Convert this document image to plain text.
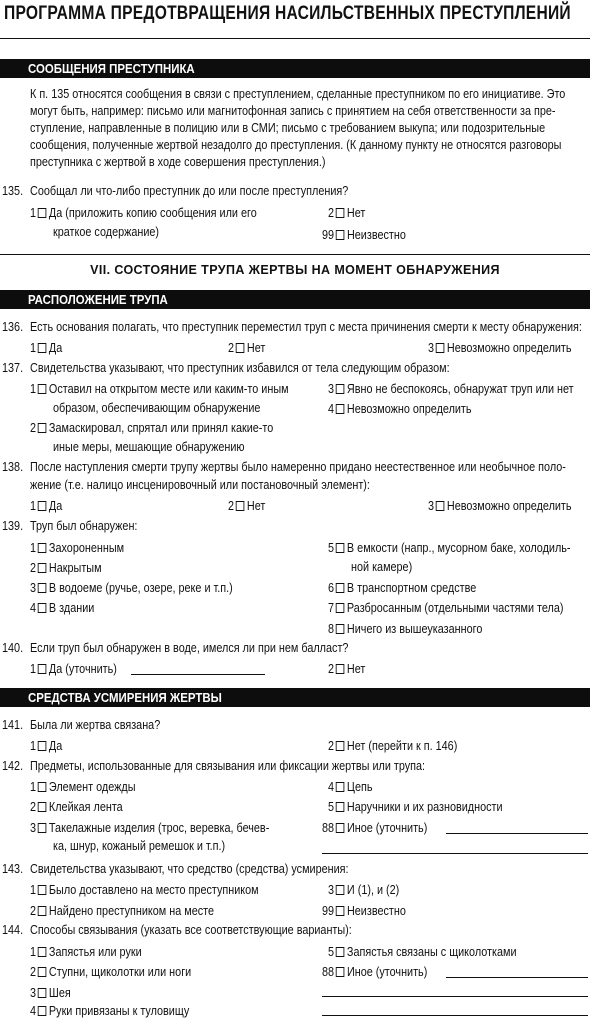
ПРОГРАММА ПРЕДОТВРАЩЕНИЯ НАСИЛЬСТВЕННЫХ ПРЕСТУПЛЕНИЙ
СООБЩЕНИЯ ПРЕСТУПНИКА
К п. 135 относятся сообщения в связи с преступлением, сделанные преступником по его инициативе. Это
могут быть, например: письмо или магнитофонная запись с принятием на себя ответственности за пре-
ступление, направленные в полицию или в СМИ; письмо с требованием выкупа; или подозрительные
сообщения, полученные жертвой незадолго до преступления. (К данному пункту не относятся разговоры
преступника с жертвой в ходе совершения преступления.)
135. Сообщал ли что-либо преступник до или после преступления?
1 Да (приложить копию сообщения или его
краткое содержание)
2 Нет
99 Неизвестно
VII. СОСТОЯНИЕ ТРУПА ЖЕРТВЫ НА МОМЕНТ ОБНАРУЖЕНИЯ
РАСПОЛОЖЕНИЕ ТРУПА
136. Есть основания полагать, что преступник переместил труп с места причинения смерти к месту обнаружения:
1 Да	2 Нет	3 Невозможно определить
137. Свидетельства указывают, что преступник избавился от тела следующим образом:
1 Оставил на открытом месте или каким-то иным
образом, обеспечивающим обнаружение
2 Замаскировал, спрятал или принял какие-то
иные меры, мешающие обнаружению
3 Явно не беспокоясь, обнаружат труп или нет
4 Невозможно определить
138. После наступления смерти трупу жертвы было намеренно придано неестественное или необычное поло-
жение (т.е. налицо инсценировочный или постановочный элемент):
1 Да	2 Нет	3 Невозможно определить
139. Труп был обнаружен:
1 Захороненным
2 Накрытым
3 В водоеме (ручье, озере, реке и т.п.)
4 В здании
5 В емкости (напр., мусорном баке, холодиль-
ной камере)
6 В транспортном средстве
7 Разбросанным (отдельными частями тела)
8 Ничего из вышеуказанного
140. Если труп был обнаружен в воде, имелся ли при нем балласт?
1 Да (уточнить)	2 Нет
СРЕДСТВА УСМИРЕНИЯ ЖЕРТВЫ
141. Была ли жертва связана?
1 Да	2 Нет (перейти к п. 146)
142. Предметы, использованные для связывания или фиксации жертвы или трупа:
1 Элемент одежды
2 Клейкая лента
3 Такелажные изделия (трос, веревка, бечев-
ка, шнур, кожаный ремешок и т.п.)
4 Цепь
5 Наручники и их разновидности
88 Иное (уточнить)
143. Свидетельства указывают, что средство (средства) усмирения:
1 Было доставлено на место преступником
2 Найдено преступником на месте
3 И (1), и (2)
99 Неизвестно
144. Способы связывания (указать все соответствующие варианты):
1 Запястья или руки
2 Ступни, щиколотки или ноги
3 Шея
4 Руки привязаны к туловищу
5 Запястья связаны с щиколотками
88 Иное (уточнить)
